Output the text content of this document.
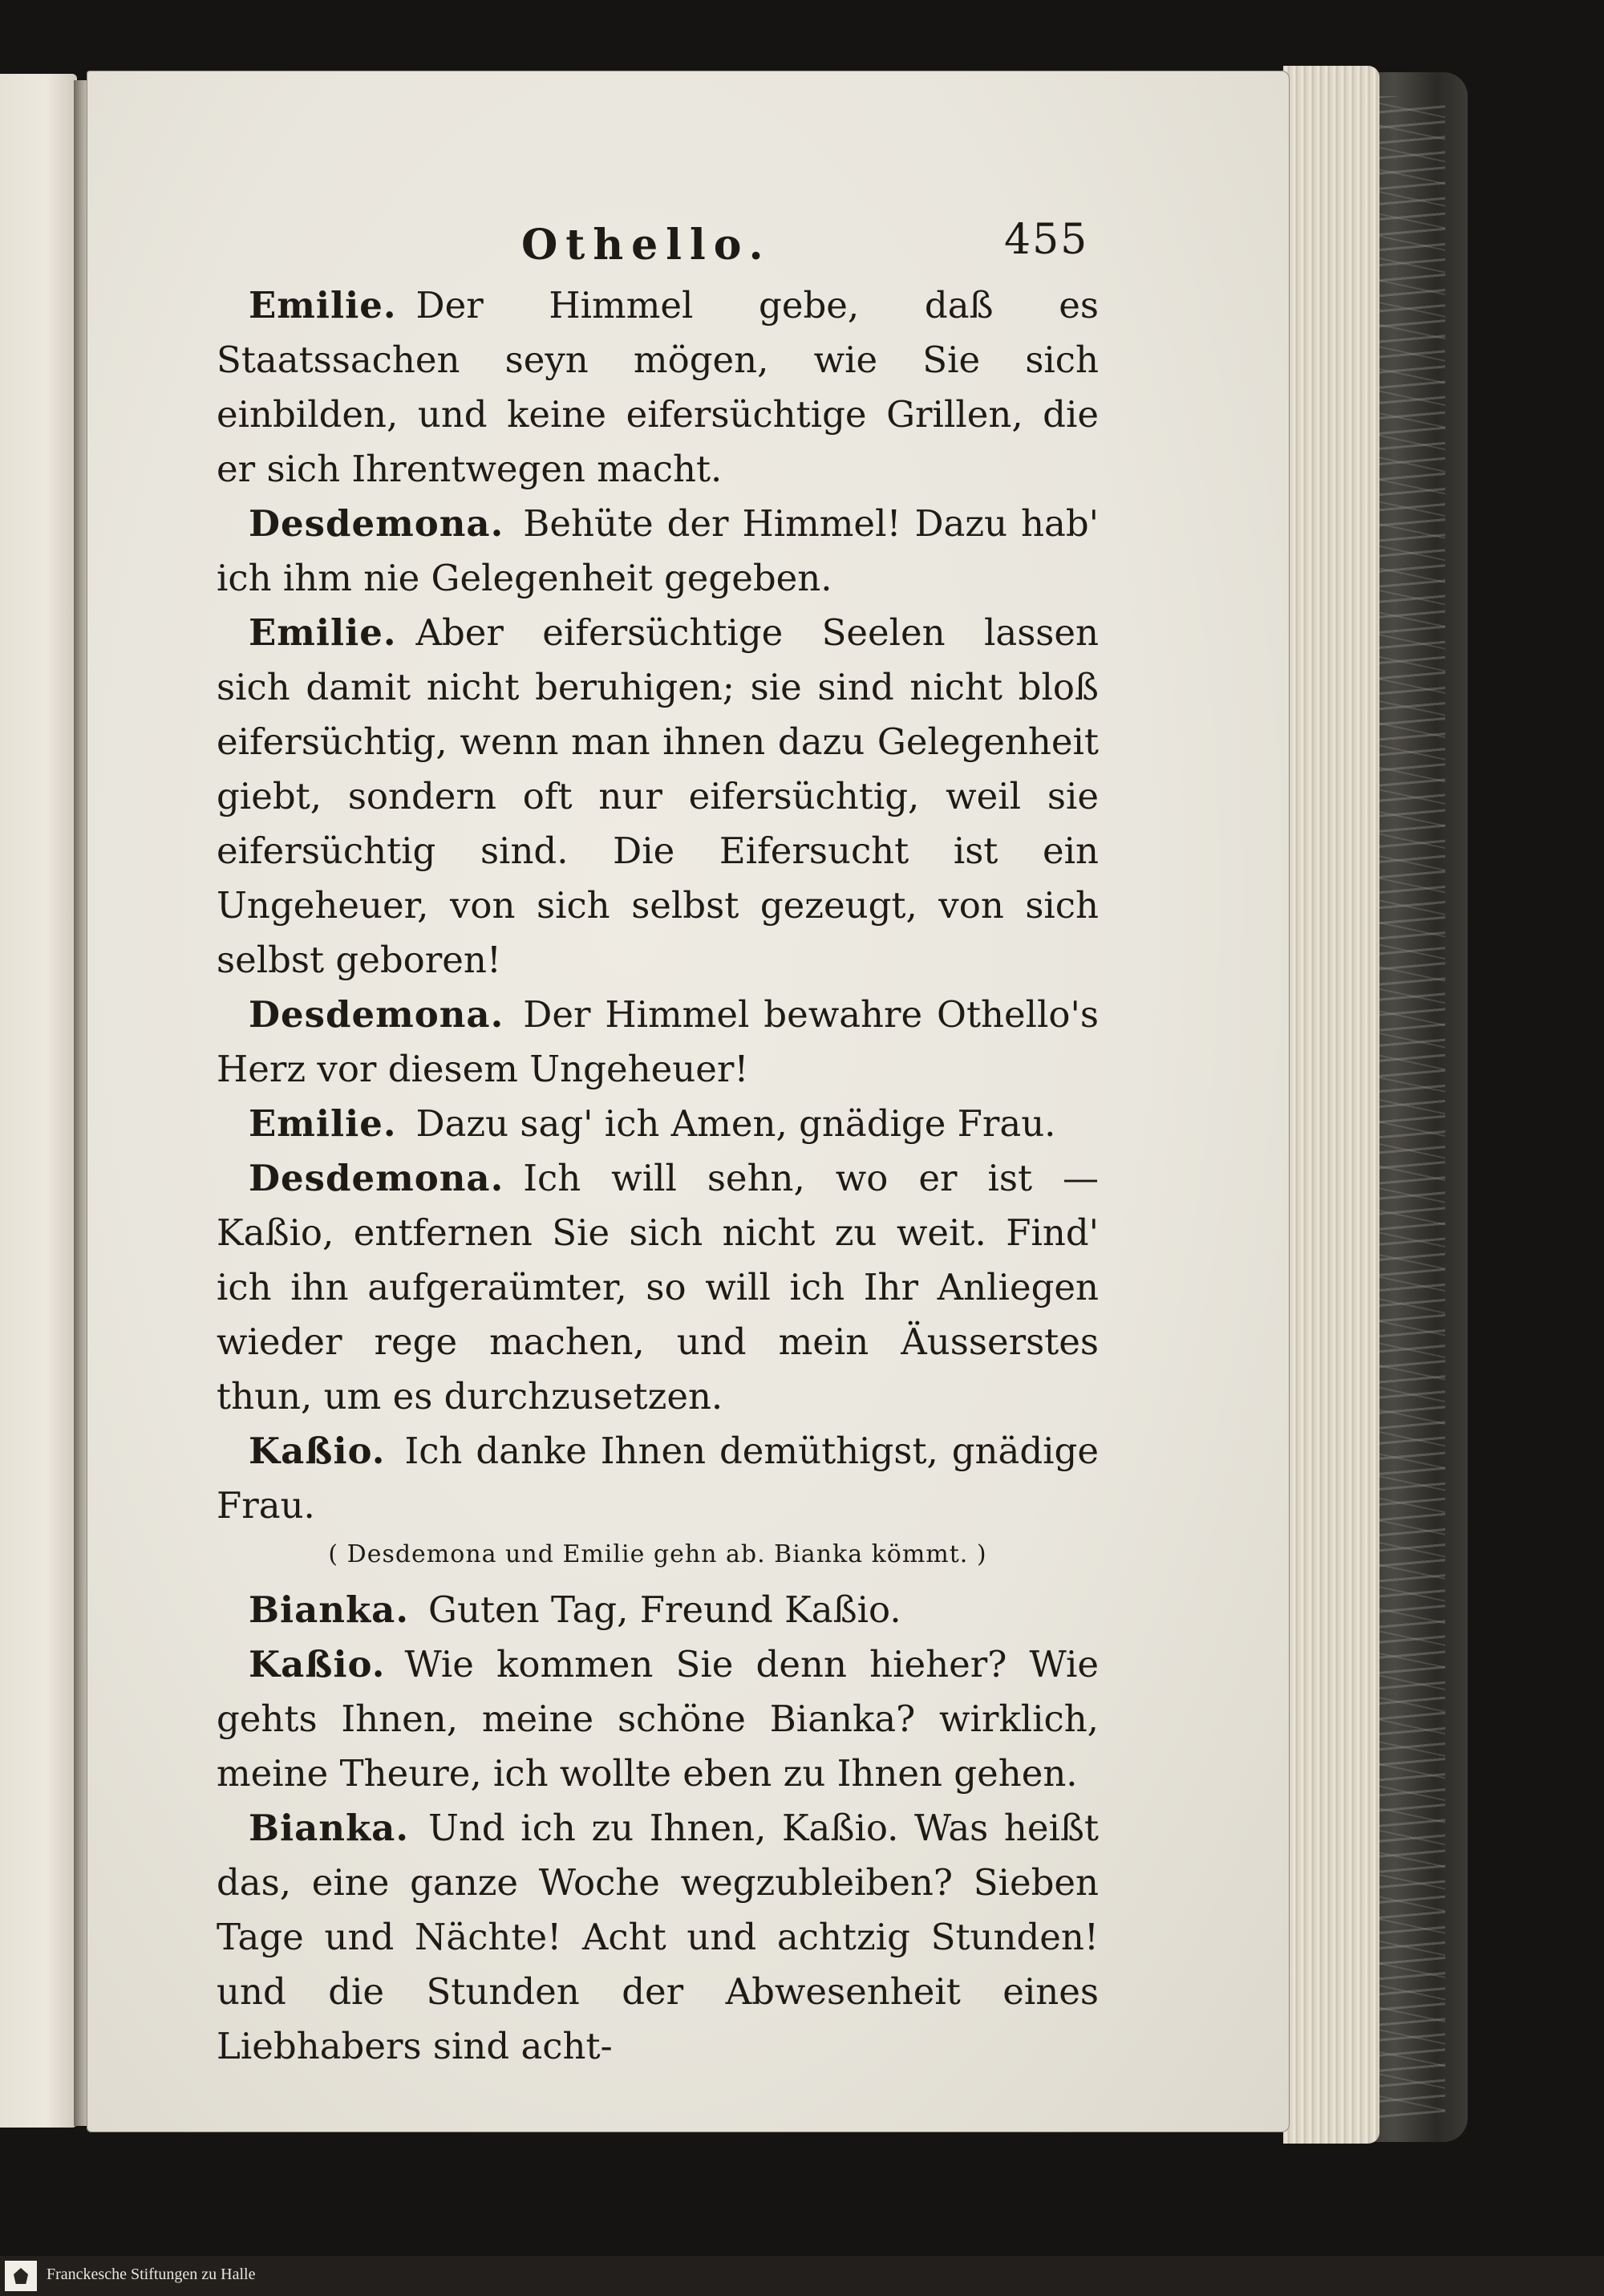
Othello.	455

Emilie. Der Himmel gebe, daß es Staatssachen seyn mögen, wie Sie sich einbilden, und keine eifersüchtige Grillen, die er sich Ihrentwegen macht.

Desdemona. Behüte der Himmel! Dazu hab' ich ihm nie Gelegenheit gegeben.

Emilie. Aber eifersüchtige Seelen lassen sich damit nicht beruhigen; sie sind nicht bloß eifersüchtig, wenn man ihnen dazu Gelegenheit giebt, sondern oft nur eifersüchtig, weil sie eifersüchtig sind. Die Eifersucht ist ein Ungeheuer, von sich selbst gezeugt, von sich selbst geboren!

Desdemona. Der Himmel bewahre Othello's Herz vor diesem Ungeheuer!

Emilie. Dazu sag' ich Amen, gnädige Frau.

Desdemona. Ich will sehn, wo er ist — Kaßio, entfernen Sie sich nicht zu weit. Find' ich ihn aufgeraümter, so will ich Ihr Anliegen wieder rege machen, und mein Äusserstes thun, um es durchzusetzen.

Kaßio. Ich danke Ihnen demüthigst, gnädige Frau.

( Desdemona und Emilie gehn ab. Bianka kömmt. )

Bianka. Guten Tag, Freund Kaßio.

Kaßio. Wie kommen Sie denn hieher? Wie gehts Ihnen, meine schöne Bianka? wirklich, meine Theure, ich wollte eben zu Ihnen gehen.

Bianka. Und ich zu Ihnen, Kaßio. Was heißt das, eine ganze Woche wegzubleiben? Sieben Tage und Nächte! Acht und achtzig Stunden! und die Stunden der Abwesenheit eines Liebhabers sind acht-

Franckesche Stiftungen zu Halle
